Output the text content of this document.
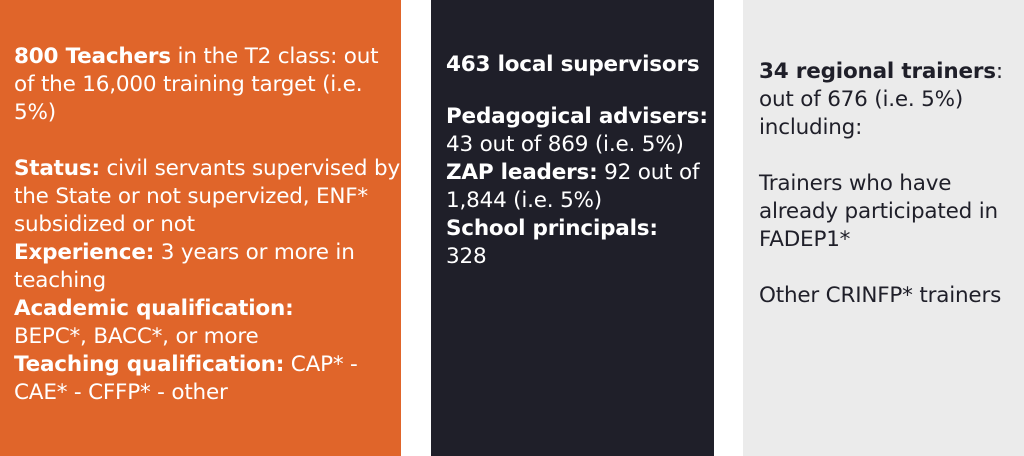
800 Teachers in the T2 class: out of the 16,000 training target (i.e. 5%)

Status: civil servants supervised by the State or not supervized, ENF* subsidized or not

Experience: 3 years or more in teaching

Academic qualification:
BEPC*, BACC*, or more

Teaching qualification: CAP* - CAE* - CFFP* - other

463 local supervisors

Pedagogical advisers: 43 out of 869 (i.e. 5%)

ZAP leaders: 92 out of 1,844 (i.e. 5%)

School principals:
328

34 regional trainers: out of 676 (i.e. 5%) including:

Trainers who have already participated in FADEP1*

Other CRINFP* trainers
